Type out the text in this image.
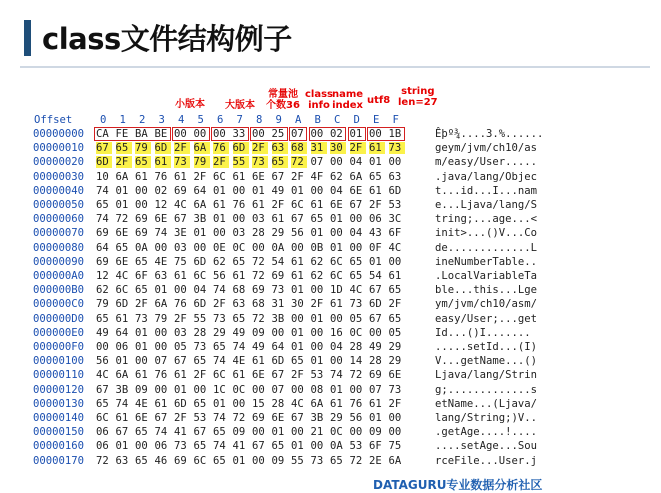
class文件结构例子
小版本 大版本
常量池
个数36
class
info
name
index utf8
string
len=27
Offset	0 1 2 3 4 5 6 7 8 9 A B C D E F
00000000 CA FE BA BE 00 00 00 33 00 25 07 00 02 01 00 1B	Êþº¾....3.%......
00000010 67 65 79 6D 2F 6A 76 6D 2F 63 68 31 30 2F 61 73	geym/jvm/ch10/as
00000020 6D 2F 65 61 73 79 2F 55 73 65 72 07 00 04 01 00	m/easy/User.....
00000030 10 6A 61 76 61 2F 6C 61 6E 67 2F 4F 62 6A 65 63	.java/lang/Objec
00000040 74 01 00 02 69 64 01 00 01 49 01 00 04 6E 61 6D	t...id...I...nam
00000050 65 01 00 12 4C 6A 61 76 61 2F 6C 61 6E 67 2F 53	e...Ljava/lang/S
00000060 74 72 69 6E 67 3B 01 00 03 61 67 65 01 00 06 3C	tring;...age...<
00000070 69 6E 69 74 3E 01 00 03 28 29 56 01 00 04 43 6F	init>...()V...Co
00000080 64 65 0A 00 03 00 0E 0C 00 0A 00 0B 01 00 0F 4C	de.............L
00000090 69 6E 65 4E 75 6D 62 65 72 54 61 62 6C 65 01 00	ineNumberTable..
000000A0 12 4C 6F 63 61 6C 56 61 72 69 61 62 6C 65 54 61	.LocalVariableTa
000000B0 62 6C 65 01 00 04 74 68 69 73 01 00 1D 4C 67 65	ble...this...Lge
000000C0 79 6D 2F 6A 76 6D 2F 63 68 31 30 2F 61 73 6D 2F	ym/jvm/ch10/asm/
000000D0 65 61 73 79 2F 55 73 65 72 3B 00 01 00 05 67 65	easy/User;...get
000000E0 49 64 01 00 03 28 29 49 09 00 01 00 16 0C 00 05	Id...()I.......
000000F0 00 06 01 00 05 73 65 74 49 64 01 00 04 28 49 29	.....setId...(I)
00000100 56 01 00 07 67 65 74 4E 61 6D 65 01 00 14 28 29	V...getName...()
00000110 4C 6A 61 76 61 2F 6C 61 6E 67 2F 53 74 72 69 6E	Ljava/lang/Strin
00000120 67 3B 09 00 01 00 1C 0C 00 07 00 08 01 00 07 73	g;.............s
00000130 65 74 4E 61 6D 65 01 00 15 28 4C 6A 61 76 61 2F	etName...(Ljava/
00000140 6C 61 6E 67 2F 53 74 72 69 6E 67 3B 29 56 01 00	lang/String;)V..
00000150 06 67 65 74 41 67 65 09 00 01 00 21 0C 00 09 00	.getAge....!....
00000160 06 01 00 06 73 65 74 41 67 65 01 00 0A 53 6F 75	....setAge...Sou
00000170 72 63 65 46 69 6C 65 01 00 09 55 73 65 72 2E 6A	rceFile...User.j
DATAGURU专业数据分析社区
